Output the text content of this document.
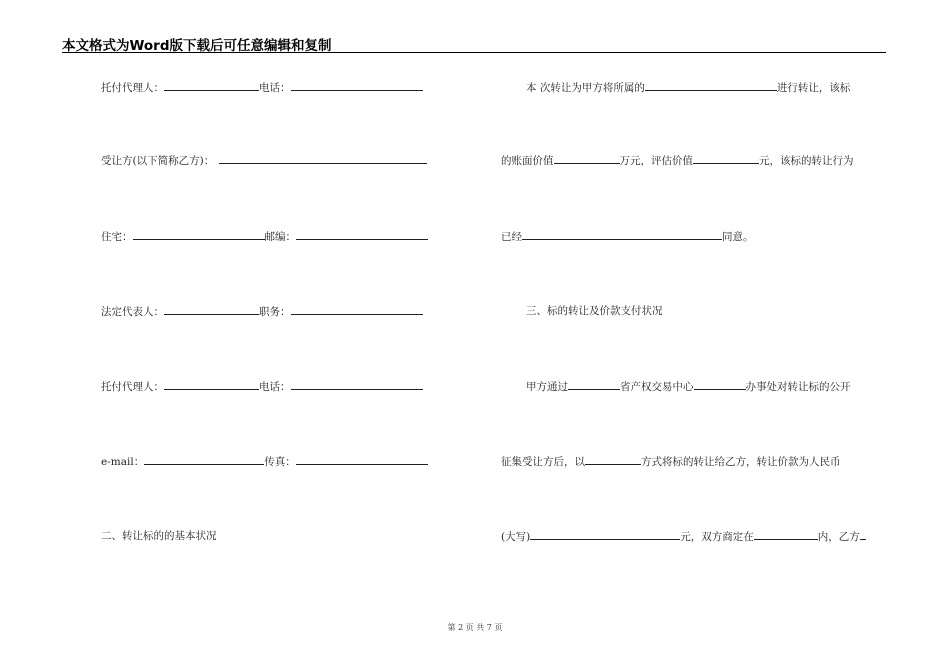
本文格式为Word版下载后可任意编辑和复制
托付代理人：	电话：
受让方(以下简称乙方)：
住宅：	邮编：
法定代表人：	职务：
托付代理人：	电话：
e-mail：	传真：
二、转让标的的基本状况
本 次转让为甲方将所属的	进行转让，该标
的账面价值	万元，评估价值	元，该标的转让行为
已经	同意。
三、标的转让及价款支付状况
甲方通过	省产权交易中心	办事处对转让标的公开
征集受让方后，以	方式将标的转让给乙方，转让价款为人民币
(大写)	元，双方商定在	内，乙方
第 2 页 共 7 页
